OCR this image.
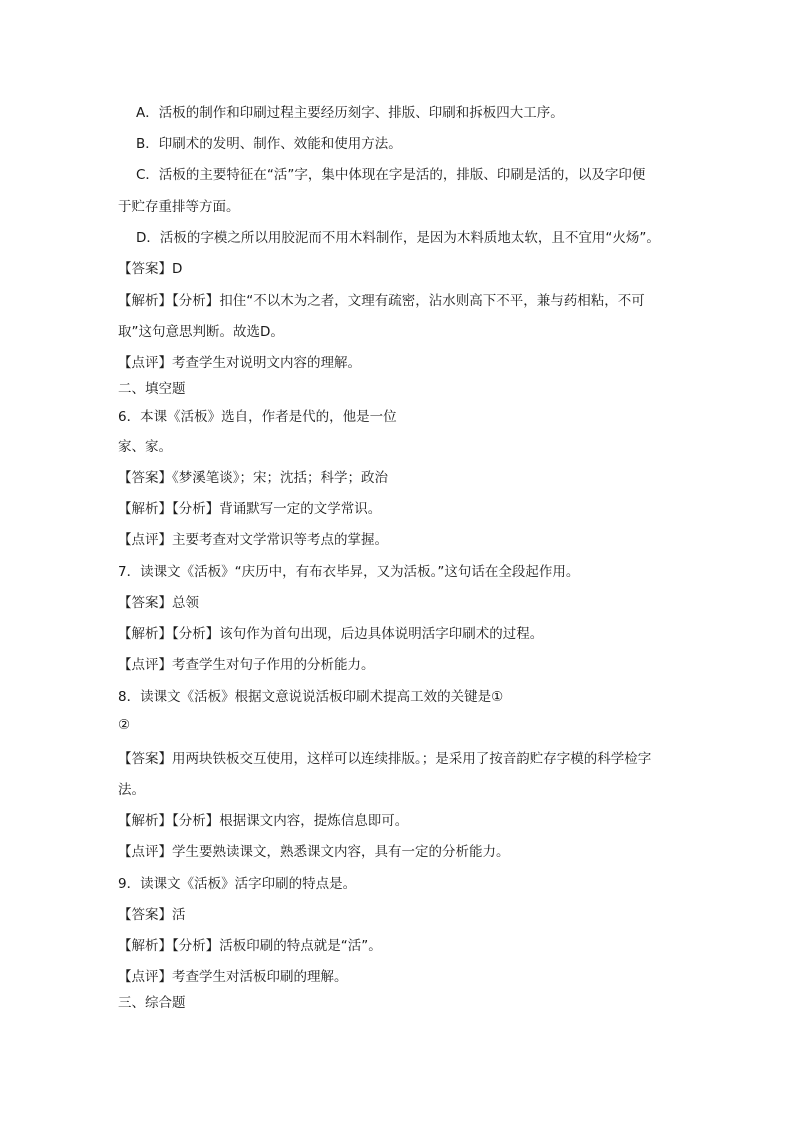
A．活板的制作和印刷过程主要经历刻字、排版、印刷和拆板四大工序。
B．印刷术的发明、制作、效能和使用方法。
C．活板的主要特征在“活”字，集中体现在字是活的，排版、印刷是活的，以及字印便
于贮存重排等方面。
D．活板的字模之所以用胶泥而不用木料制作，是因为木料质地太软，且不宜用“火炀”。
【答案】D
【解析】【分析】扣住“不以木为之者，文理有疏密，沾水则高下不平，兼与药相粘，不可
取”这句意思判断。故选D。
【点评】考查学生对说明文内容的理解。
二、填空题
6．本课《活板》选自，作者是代的，他是一位
家、家。
【答案】《梦溪笔谈》；宋；沈括；科学；政治
【解析】【分析】背诵默写一定的文学常识。
【点评】主要考查对文学常识等考点的掌握。
7．读课文《活板》“庆历中，有布衣毕昇，又为活板。”这句话在全段起作用。
【答案】总领
【解析】【分析】该句作为首句出现，后边具体说明活字印刷术的过程。
【点评】考查学生对句子作用的分析能力。
8．读课文《活板》根据文意说说活板印刷术提高工效的关键是①
②
【答案】用两块铁板交互使用，这样可以连续排版。；是采用了按音韵贮存字模的科学检字
法。
【解析】【分析】根据课文内容，提炼信息即可。
【点评】学生要熟读课文，熟悉课文内容，具有一定的分析能力。
9．读课文《活板》活字印刷的特点是。
【答案】活
【解析】【分析】活板印刷的特点就是“活”。
【点评】考查学生对活板印刷的理解。
三、综合题
